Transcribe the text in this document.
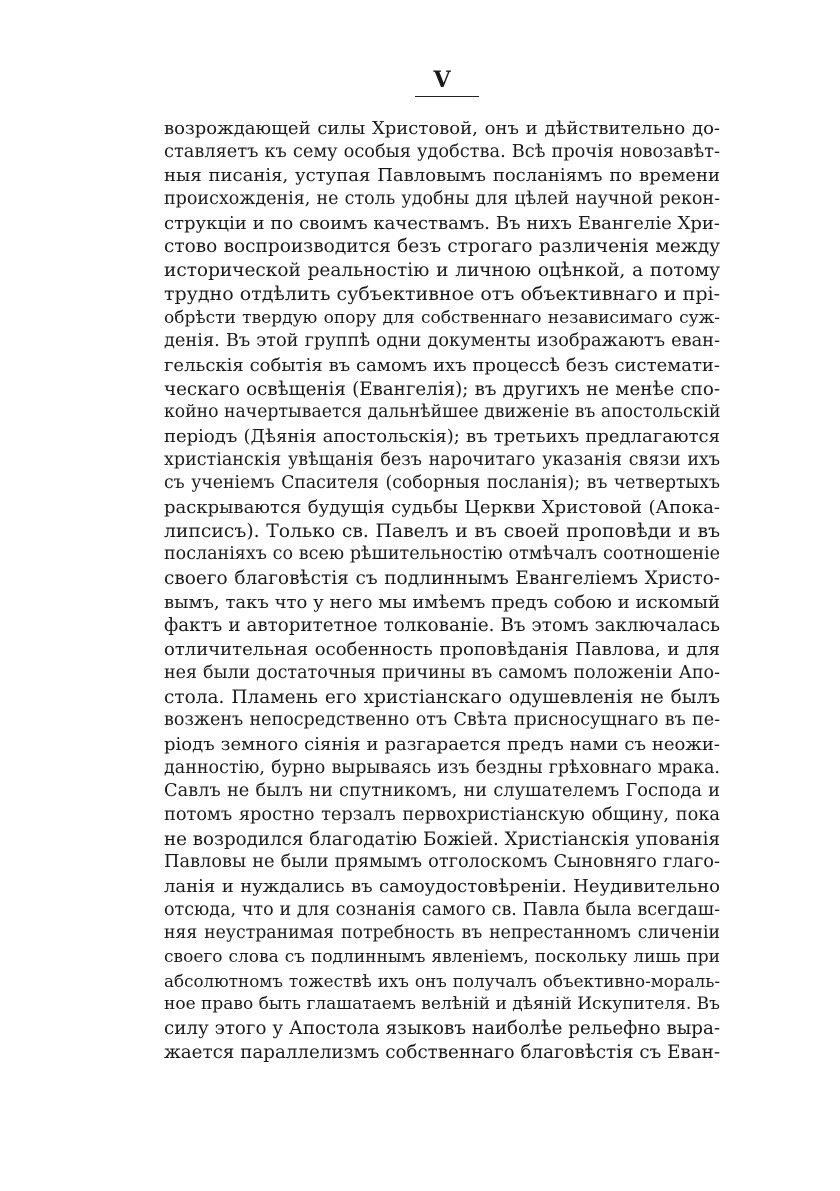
V
возрождающей силы Христовой, онъ и дѣйствительно до-
ставляетъ къ сему особыя удобства. Всѣ прочія новозавѣт-
ныя писанія, уступая Павловымъ посланіямъ по времени
происхожденія, не столь удобны для цѣлей научной рекон-
струкціи и по своимъ качествамъ. Въ нихъ Евангеліе Хри-
стово воспроизводится безъ строгаго различенія между
исторической реальностію и личною оцѣнкой, а потому
трудно отдѣлить субъективное отъ объективнаго и прі-
обрѣсти твердую опору для собственнаго независимаго суж-
денія. Въ этой группѣ одни документы изображаютъ еван-
гельскія событія въ самомъ ихъ процессѣ безъ системати-
ческаго освѣщенія (Евангелія); въ другихъ не менѣе спо-
койно начертывается дальнѣйшее движеніе въ апостольскій
періодъ (Дѣянія апостольскія); въ третьихъ предлагаются
христіанскія увѣщанія безъ нарочитаго указанія связи ихъ
съ ученіемъ Спасителя (соборныя посланія); въ четвертыхъ
раскрываются будущія судьбы Церкви Христовой (Апока-
липсисъ). Только св. Павелъ и въ своей проповѣди и въ
посланіяхъ со всею рѣшительностію отмѣчалъ соотношеніе
своего благовѣстія съ подлиннымъ Евангеліемъ Христо-
вымъ, такъ что у него мы имѣемъ предъ собою и искомый
фактъ и авторитетное толкованіе. Въ этомъ заключалась
отличительная особенность проповѣданія Павлова, и для
нея были достаточныя причины въ самомъ положеніи Апо-
стола. Пламень его христіанскаго одушевленія не былъ
возженъ непосредственно отъ Свѣта присносущнаго въ пе-
ріодъ земного сіянія и разгарается предъ нами съ неожи-
данностію, бурно вырываясь изъ бездны грѣховнаго мрака.
Савлъ не былъ ни спутникомъ, ни слушателемъ Господа и
потомъ яростно терзалъ первохристіанскую общину, пока
не возродился благодатію Божіей. Христіанскія упованія
Павловы не были прямымъ отголоскомъ Сыновняго глаго-
ланія и нуждались въ самоудостовѣреніи. Неудивительно
отсюда, что и для сознанія самого св. Павла была всегдаш-
няя неустранимая потребность въ непрестанномъ сличеніи
своего слова съ подлиннымъ явленіемъ, поскольку лишь при
абсолютномъ тожествѣ ихъ онъ получалъ объективно-мораль-
ное право быть глашатаемъ велѣній и дѣяній Искупителя. Въ
силу этого у Апостола языковъ наиболѣе рельефно выра-
жается параллелизмъ собственнаго благовѣстія съ Еван-
